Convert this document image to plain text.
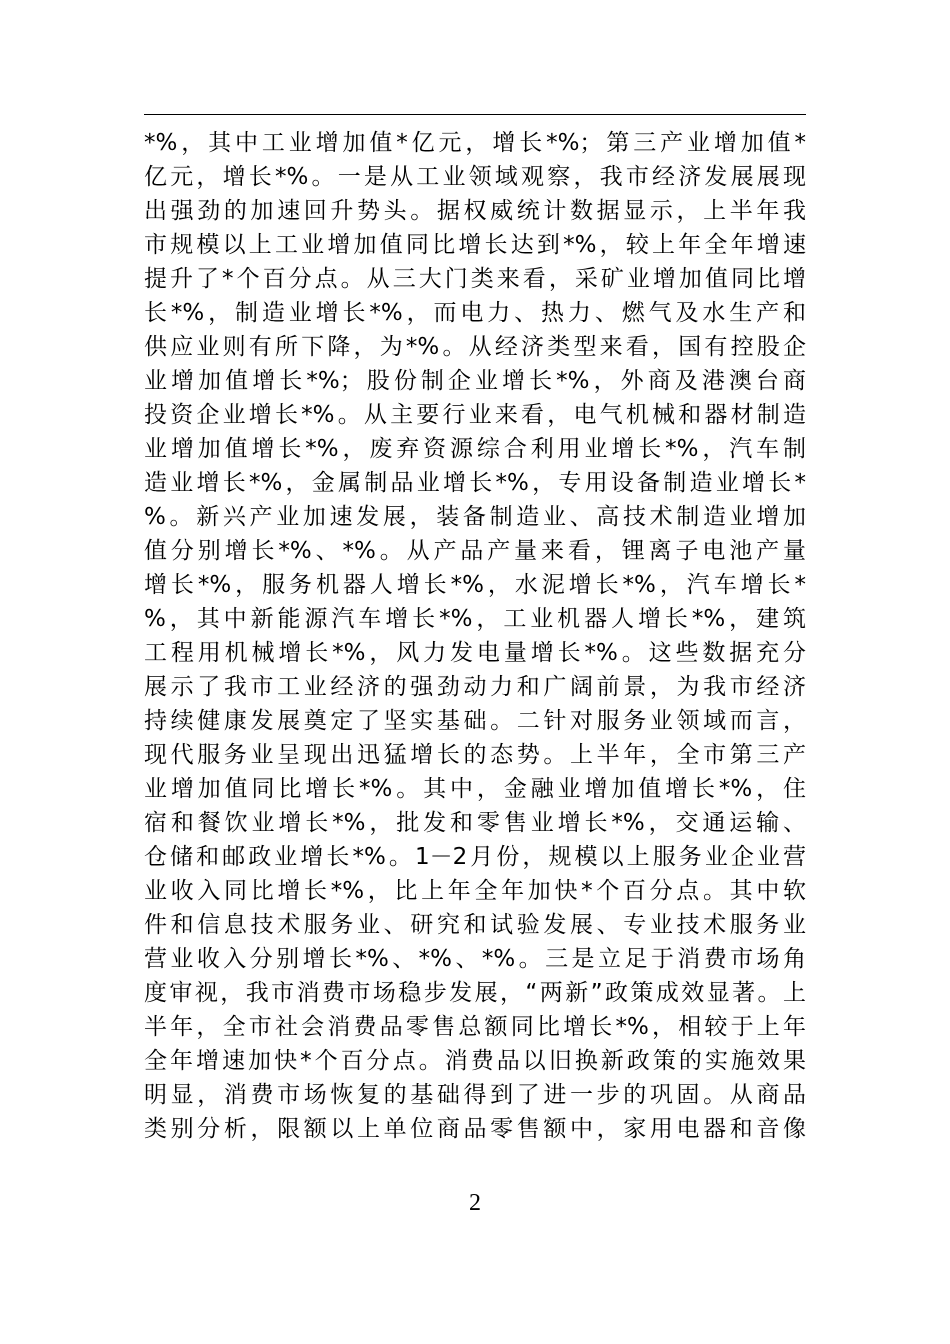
*%，其中工业增加值*亿元，增长*%；第三产业增加值*
亿元，增长*%。一是从工业领域观察，我市经济发展展现
出强劲的加速回升势头。据权威统计数据显示，上半年我
市规模以上工业增加值同比增长达到*%，较上年全年增速
提升了*个百分点。从三大门类来看，采矿业增加值同比增
长*%，制造业增长*%，而电力、热力、燃气及水生产和
供应业则有所下降，为*%。从经济类型来看，国有控股企
业增加值增长*%；股份制企业增长*%，外商及港澳台商
投资企业增长*%。从主要行业来看，电气机械和器材制造
业增加值增长*%，废弃资源综合利用业增长*%，汽车制
造业增长*%，金属制品业增长*%，专用设备制造业增长*
%。新兴产业加速发展，装备制造业、高技术制造业增加
值分别增长*%、*%。从产品产量来看，锂离子电池产量
增长*%，服务机器人增长*%，水泥增长*%，汽车增长*
%，其中新能源汽车增长*%，工业机器人增长*%，建筑
工程用机械增长*%，风力发电量增长*%。这些数据充分
展示了我市工业经济的强劲动力和广阔前景，为我市经济
持续健康发展奠定了坚实基础。二针对服务业领域而言，
现代服务业呈现出迅猛增长的态势。上半年，全市第三产
业增加值同比增长*%。其中，金融业增加值增长*%，住
宿和餐饮业增长*%，批发和零售业增长*%，交通运输、
仓储和邮政业增长*%。1－2月份，规模以上服务业企业营
业收入同比增长*%，比上年全年加快*个百分点。其中软
件和信息技术服务业、研究和试验发展、专业技术服务业
营业收入分别增长*%、*%、*%。三是立足于消费市场角
度审视，我市消费市场稳步发展，“两新”政策成效显著。上
半年，全市社会消费品零售总额同比增长*%，相较于上年
全年增速加快*个百分点。消费品以旧换新政策的实施效果
明显，消费市场恢复的基础得到了进一步的巩固。从商品
类别分析，限额以上单位商品零售额中，家用电器和音像
2
